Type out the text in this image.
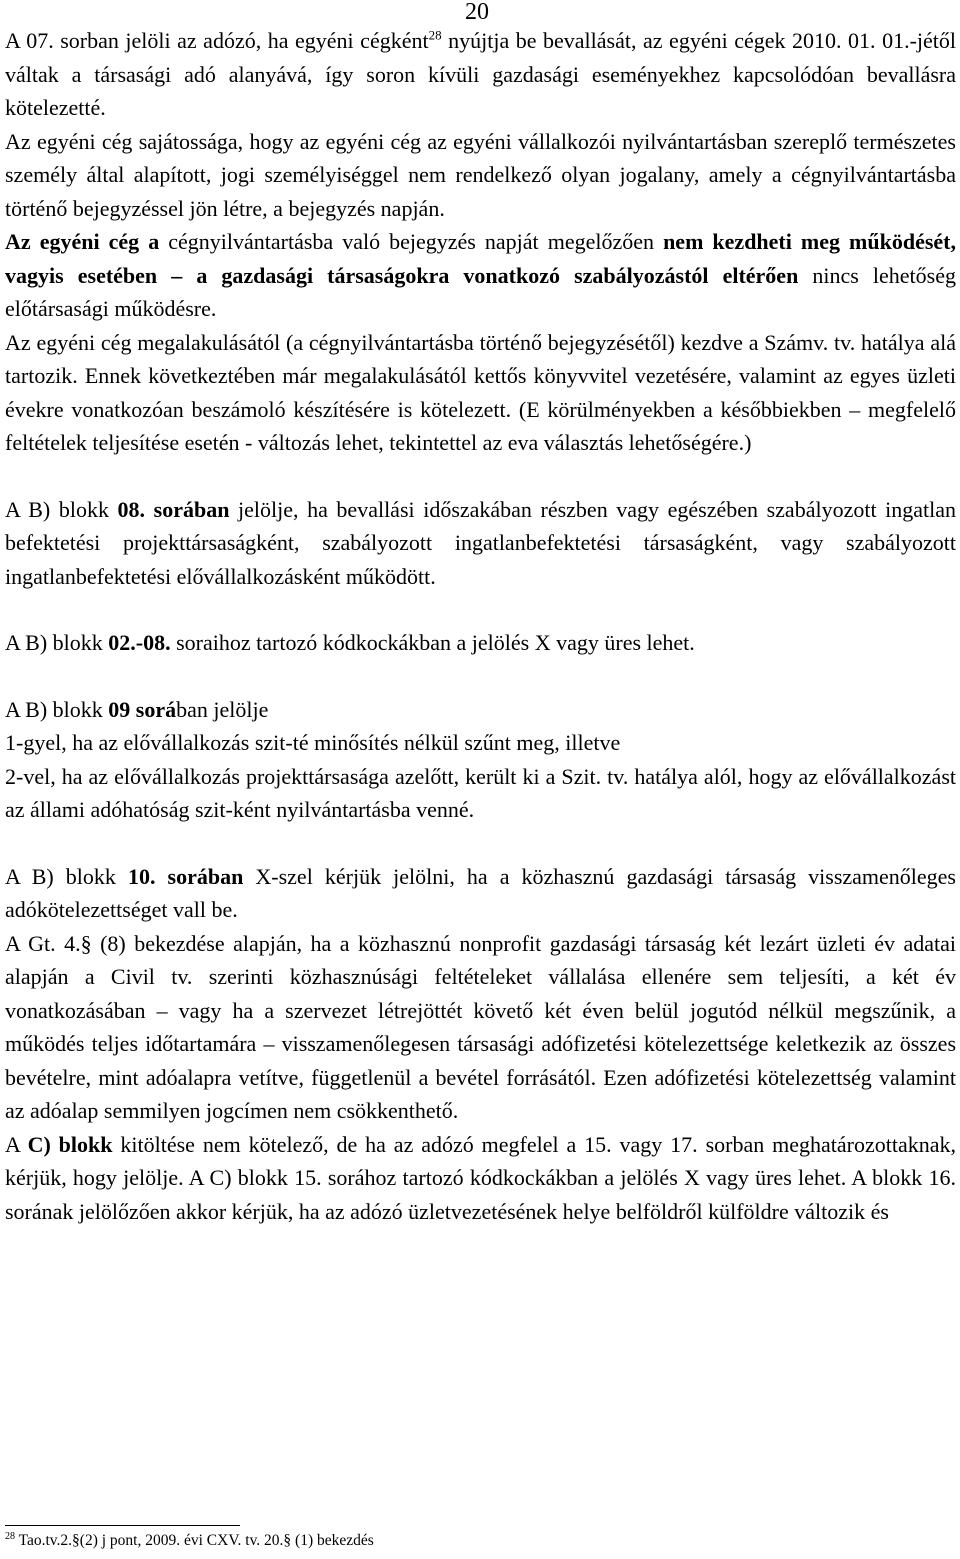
20

A 07. sorban jelöli az adózó, ha egyéni cégként$^{28}$ nyújtja be bevallását, az egyéni cégek 2010. 01. 01.-jétől váltak a társasági adó alanyává, így soron kívüli gazdasági eseményekhez kapcsolódóan bevallásra kötelezetté.

Az egyéni cég sajátossága, hogy az egyéni cég az egyéni vállalkozói nyilvántartásban szereplő természetes személy által alapított, jogi személyiséggel nem rendelkező olyan jogalany, amely a cégnyilvántartásba történő bejegyzéssel jön létre, a bejegyzés napján.

Az egyéni cég a cégnyilvántartásba való bejegyzés napját megelőzően nem kezdheti meg működését, vagyis esetében – a gazdasági társaságokra vonatkozó szabályozástól eltérően nincs lehetőség előtársasági működésre.

Az egyéni cég megalakulásától (a cégnyilvántartásba történő bejegyzésétől) kezdve a Számv. tv. hatálya alá tartozik. Ennek következtében már megalakulásától kettős könyvvitel vezetésére, valamint az egyes üzleti évekre vonatkozóan beszámoló készítésére is kötelezett. (E körülményekben a későbbiekben – megfelelő feltételek teljesítése esetén - változás lehet, tekintettel az eva választás lehetőségére.)

A B) blokk 08. sorában jelölje, ha bevallási időszakában részben vagy egészében szabályozott ingatlan befektetési projekttársaságként, szabályozott ingatlanbefektetési társaságként, vagy szabályozott ingatlanbefektetési elővállalkozásként működött.

A B) blokk 02.-08. soraihoz tartozó kódkockákban a jelölés X vagy üres lehet.

A B) blokk 09 sorában jelölje

1-gyel, ha az elővállalkozás szit-té minősítés nélkül szűnt meg, illetve

2-vel, ha az elővállalkozás projekttársasága azelőtt, került ki a Szit. tv. hatálya alól, hogy az elővállalkozást az állami adóhatóság szit-ként nyilvántartásba venné.

A B) blokk 10. sorában X-szel kérjük jelölni, ha a közhasznú gazdasági társaság visszamenőleges adókötelezettséget vall be.

A Gt. 4.§ (8) bekezdése alapján, ha a közhasznú nonprofit gazdasági társaság két lezárt üzleti év adatai alapján a Civil tv. szerinti közhasznúsági feltételeket vállalása ellenére sem teljesíti, a két év vonatkozásában – vagy ha a szervezet létrejöttét követő két éven belül jogutód nélkül megszűnik, a működés teljes időtartamára – visszamenőlegesen társasági adófizetési kötelezettsége keletkezik az összes bevételre, mint adóalapra vetítve, függetlenül a bevétel forrásától. Ezen adófizetési kötelezettség valamint az adóalap semmilyen jogcímen nem csökkenthető.

A C) blokk kitöltése nem kötelező, de ha az adózó megfelel a 15. vagy 17. sorban meghatározottaknak, kérjük, hogy jelölje. A C) blokk 15. sorához tartozó kódkockákban a jelölés X vagy üres lehet. A blokk 16. sorának jelölőzően akkor kérjük, ha az adózó üzletvezetésének helye belföldről külföldre változik és

$^{28}$ Tao.tv.2.§(2) j pont, 2009. évi CXV. tv. 20.§ (1) bekezdés
